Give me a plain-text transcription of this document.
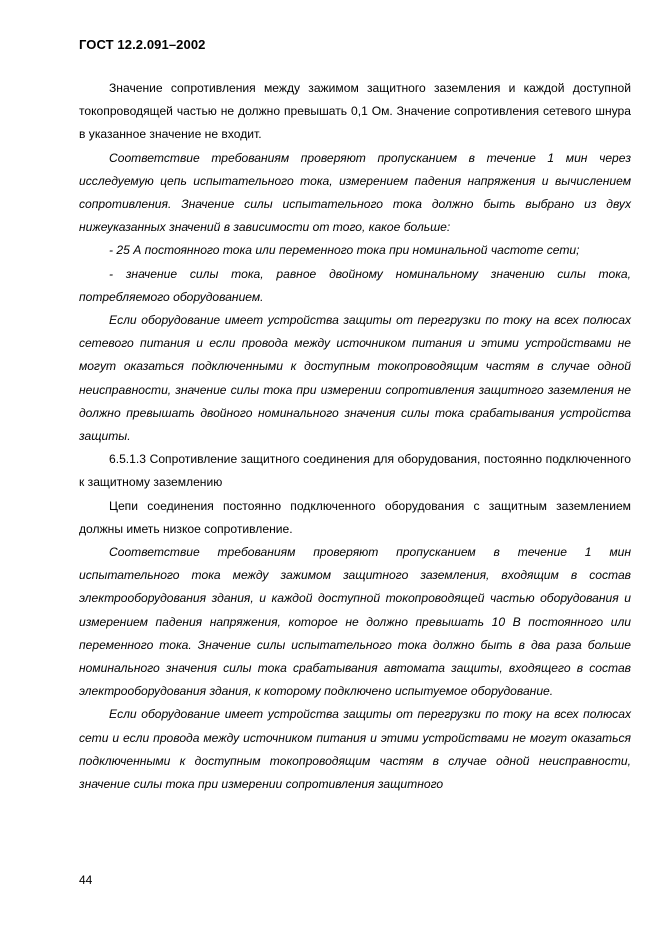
ГОСТ 12.2.091–2002

Значение сопротивления между зажимом защитного заземления и каждой доступной токопроводящей частью не должно превышать 0,1 Ом. Значение сопротивления сетевого шнура в указанное значение не входит.

Соответствие требованиям проверяют пропусканием в течение 1 мин через исследуемую цепь испытательного тока, измерением падения напряжения и вычислением сопротивления. Значение силы испытательного тока должно быть выбрано из двух нижеуказанных значений в зависимости от того, какое больше:

- 25 А постоянного тока или переменного тока при номинальной частоте сети;

- значение силы тока, равное двойному номинальному значению силы тока, потребляемого оборудованием.

Если оборудование имеет устройства защиты от перегрузки по току на всех полюсах сетевого питания и если провода между источником питания и этими устройствами не могут оказаться подключенными к доступным токопроводящим частям в случае одной неисправности, значение силы тока при измерении сопротивления защитного заземления не должно превышать двойного номинального значения силы тока срабатывания устройства защиты.

6.5.1.3 Сопротивление защитного соединения для оборудования, постоянно подключенного к защитному заземлению

Цепи соединения постоянно подключенного оборудования с защитным заземлением должны иметь низкое сопротивление.

Соответствие требованиям проверяют пропусканием в течение 1 мин испытательного тока между зажимом защитного заземления, входящим в состав электрооборудования здания, и каждой доступной токопроводящей частью оборудования и измерением падения напряжения, которое не должно превышать 10 В постоянного или переменного тока. Значение силы испытательного тока должно быть в два раза больше номинального значения силы тока срабатывания автомата защиты, входящего в состав электрооборудования здания, к которому подключено испытуемое оборудование.

Если оборудование имеет устройства защиты от перегрузки по току на всех полюсах сети и если провода между источником питания и этими устройствами не могут оказаться подключенными к доступным токопроводящим частям в случае одной неисправности, значение силы тока при измерении сопротивления защитного

44
